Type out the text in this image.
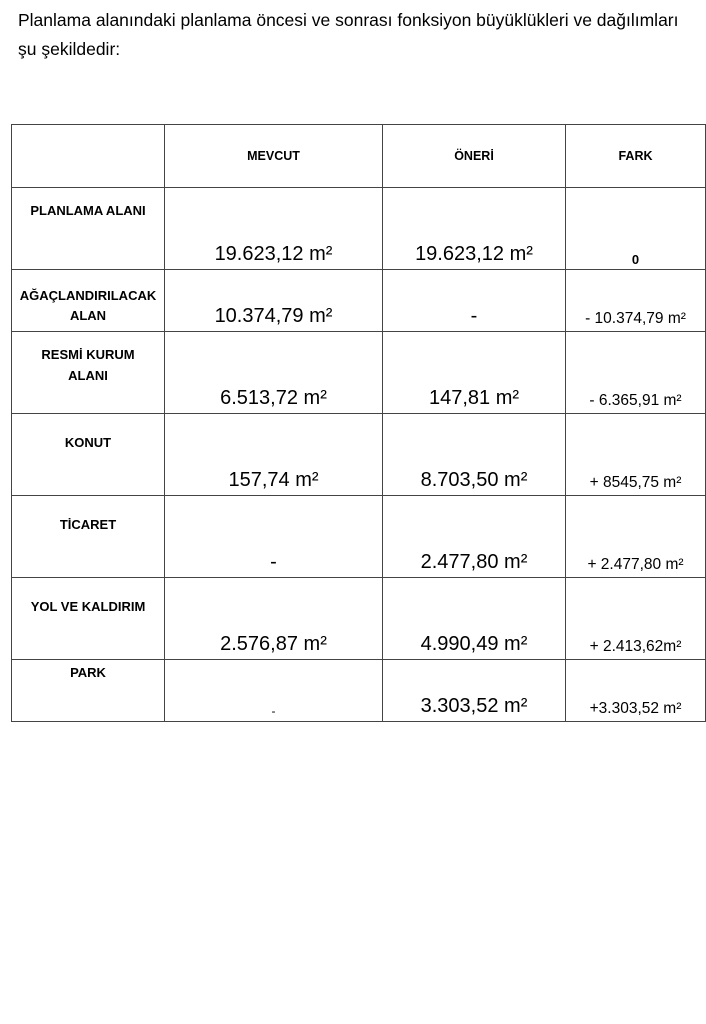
Planlama alanındaki planlama öncesi ve sonrası fonksiyon büyüklükleri ve dağılımları şu şekildedir:

	MEVCUT	ÖNERİ	FARK

PLANLAMA ALANI	19.623,12 m²	19.623,12 m²	0

AĞAÇLANDIRILACAK ALAN	10.374,79 m²	-	- 10.374,79 m²

RESMİ KURUM ALANI	6.513,72 m²	147,81 m²	- 6.365,91 m²

KONUT	157,74 m²	8.703,50 m²	+ 8545,75 m²

TİCARET	-	2.477,80 m²	+ 2.477,80 m²

YOL VE KALDIRIM	2.576,87 m²	4.990,49 m²	+ 2.413,62m²

PARK	-	3.303,52 m²	+3.303,52 m²
